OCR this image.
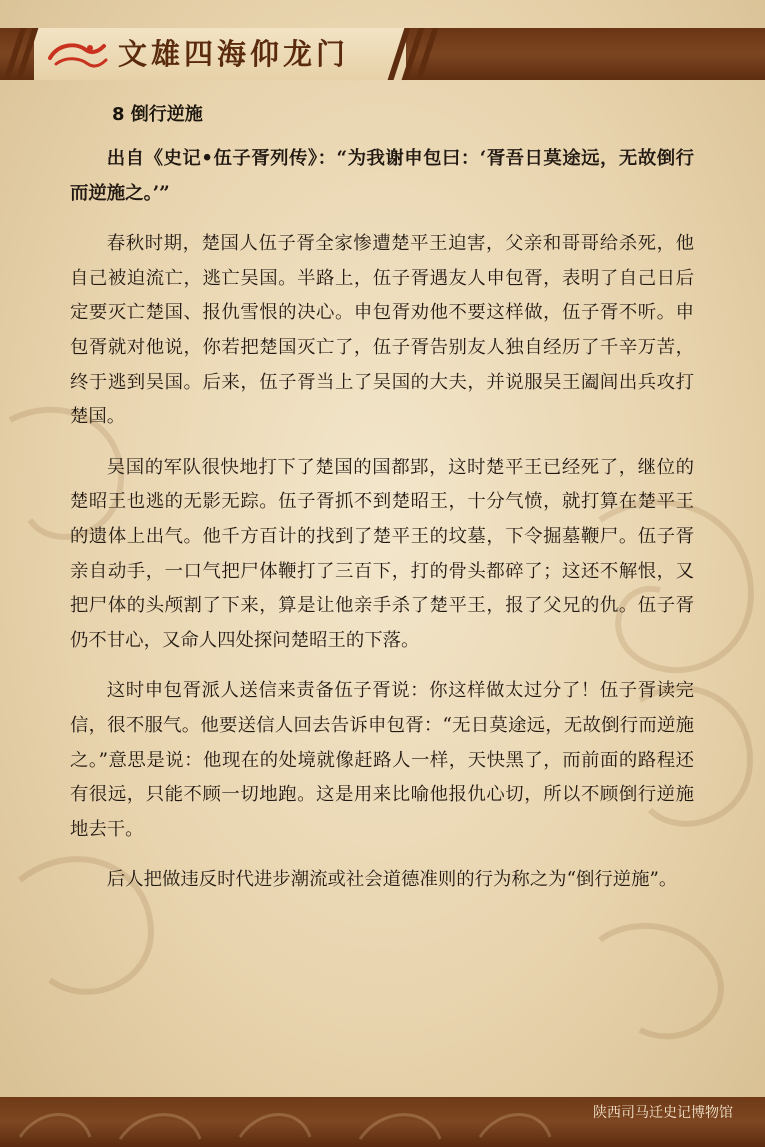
文雄四海仰龙门
8 倒行逆施

出自《史记•伍子胥列传》：“为我谢申包曰：‘胥吾日莫途远，无故倒行而逆施之。’”

春秋时期，楚国人伍子胥全家惨遭楚平王迫害，父亲和哥哥给杀死，他自己被迫流亡，逃亡吴国。半路上，伍子胥遇友人申包胥，表明了自己日后定要灭亡楚国、报仇雪恨的决心。申包胥劝他不要这样做，伍子胥不听。申包胥就对他说，你若把楚国灭亡了，伍子胥告别友人独自经历了千辛万苦，终于逃到吴国。后来，伍子胥当上了吴国的大夫，并说服吴王阖闾出兵攻打楚国。

吴国的军队很快地打下了楚国的国都郢，这时楚平王已经死了，继位的楚昭王也逃的无影无踪。伍子胥抓不到楚昭王，十分气愤，就打算在楚平王的遗体上出气。他千方百计的找到了楚平王的坟墓，下令掘墓鞭尸。伍子胥亲自动手，一口气把尸体鞭打了三百下，打的骨头都碎了；这还不解恨，又把尸体的头颅割了下来，算是让他亲手杀了楚平王，报了父兄的仇。伍子胥仍不甘心，又命人四处探问楚昭王的下落。

这时申包胥派人送信来责备伍子胥说：你这样做太过分了！伍子胥读完信，很不服气。他要送信人回去告诉申包胥：“无日莫途远，无故倒行而逆施之。”意思是说：他现在的处境就像赶路人一样，天快黑了，而前面的路程还有很远，只能不顾一切地跑。这是用来比喻他报仇心切，所以不顾倒行逆施地去干。

后人把做违反时代进步潮流或社会道德准则的行为称之为“倒行逆施”。

陕西司马迁史记博物馆
